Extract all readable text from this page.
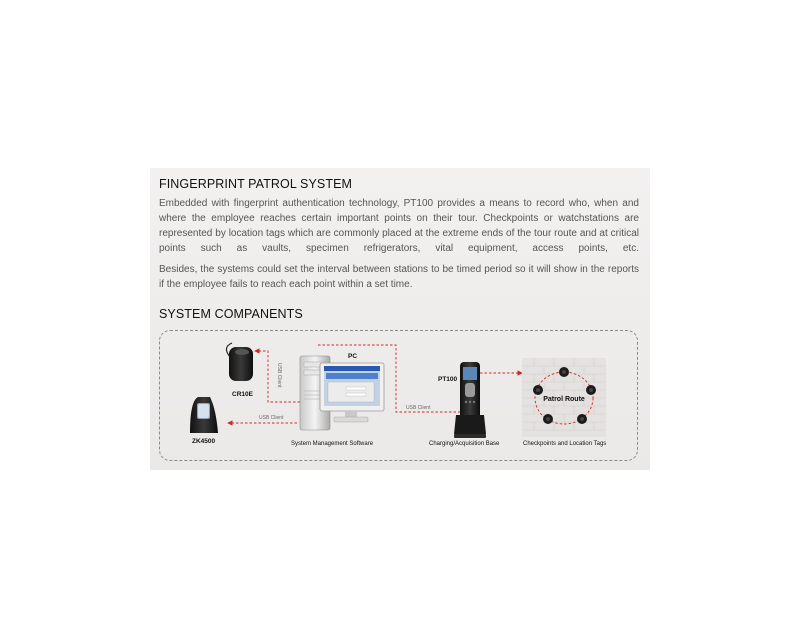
FINGERPRINT PATROL SYSTEM

Embedded with fingerprint authentication technology, PT100 provides a means to record who, when and where the employee reaches certain important points on their tour. Checkpoints or watchstations are represented by location tags which are commonly placed at the extreme ends of the tour route and at critical points such as vaults, specimen refrigerators, vital equipment, access points, etc.

Besides, the systems could set the interval between stations to be timed period so it will show in the reports if the employee fails to reach each point within a set time.

SYSTEM COMPANENTS
USB Client
USB Client
USB Client
CR10E
ZK4500
PC
System Management Software
PT100
Charging/Acquisition Base
Patrol Route
Checkpoints and Location Tags
